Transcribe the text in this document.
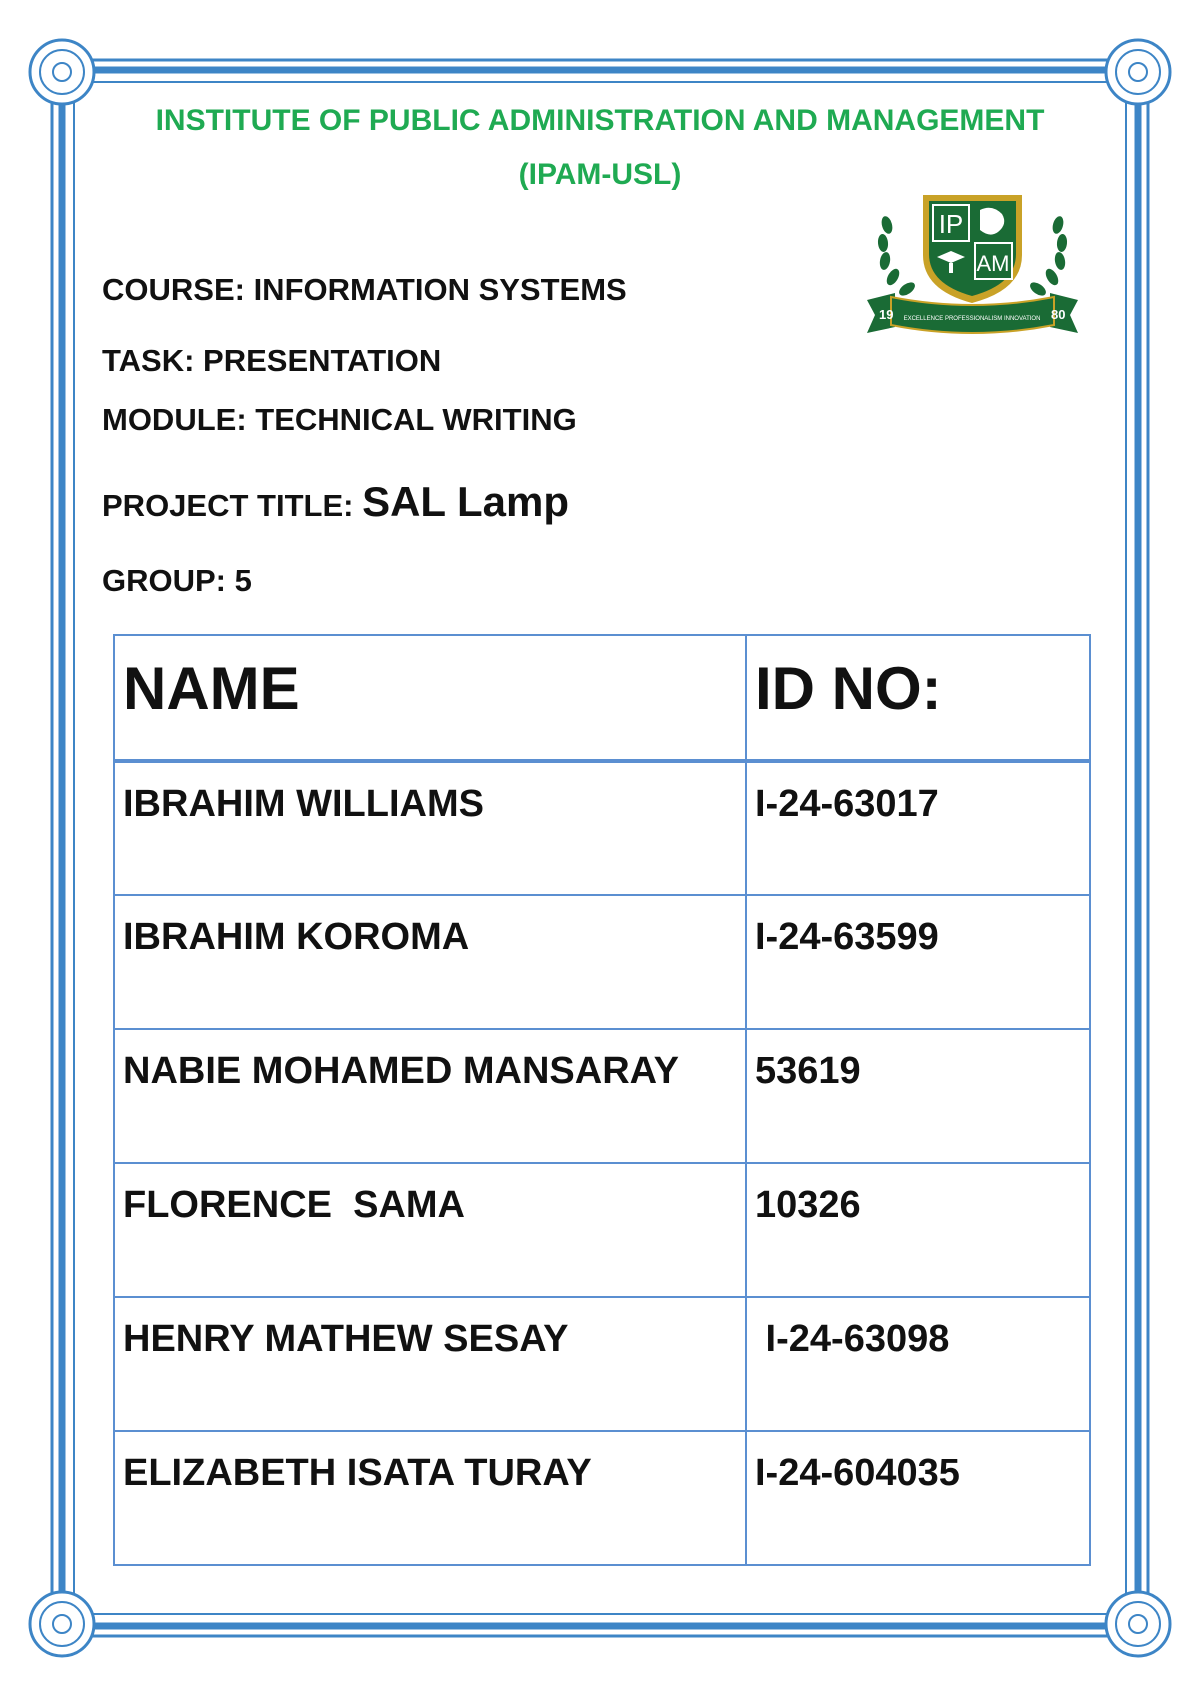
INSTITUTE OF PUBLIC ADMINISTRATION AND MANAGEMENT

(IPAM-USL)

IP
AM
19 EXCELLENCE PROFESSIONALISM INNOVATION 80

COURSE: INFORMATION SYSTEMS

TASK: PRESENTATION

MODULE: TECHNICAL WRITING

PROJECT TITLE: SAL Lamp

GROUP: 5

NAME	ID NO:
IBRAHIM WILLIAMS	I-24-63017
IBRAHIM KOROMA	I-24-63599
NABIE MOHAMED MANSARAY	53619
FLORENCE  SAMA	10326
HENRY MATHEW SESAY	I-24-63098
ELIZABETH ISATA TURAY	I-24-604035
